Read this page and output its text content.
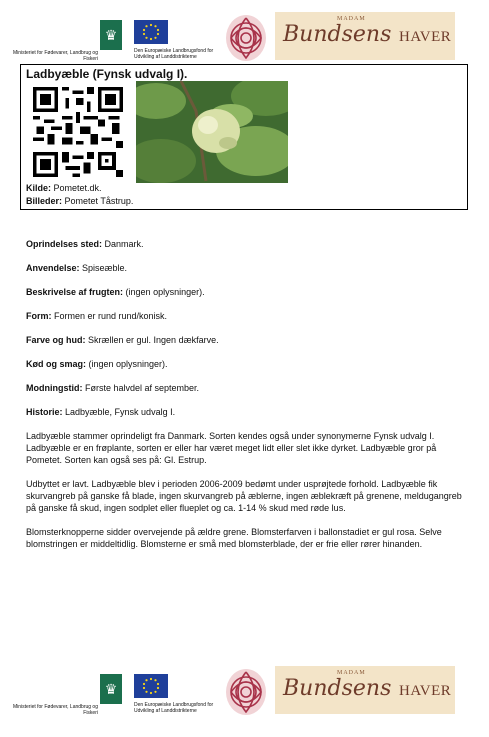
♛
Ministeriet for Fødevarer, Landbrug og Fiskeri
Den Europæiske Landbrugsfond for Udvikling af Landdistrikterne
MADAM
Bundsens HAVER
Ladbyæble (Fynsk udvalg I).
Kilde: Pometet.dk.
Billeder: Pometet Tåstrup.
Oprindelses sted: Danmark.
Anvendelse: Spiseæble.
Beskrivelse af frugten: (ingen oplysninger).
Form: Formen er rund rund/konisk.
Farve og hud: Skrællen er gul. Ingen dækfarve.
Kød og smag: (ingen oplysninger).
Modningstid: Første halvdel af september.
Historie: Ladbyæble, Fynsk udvalg I.

Ladbyæble stammer oprindeligt fra Danmark. Sorten kendes også under synonymerne Fynsk udvalg I. Ladbyæble er en frøplante, sorten er eller har været meget lidt eller slet ikke dyrket. Ladbyæble gror på Pometet. Sorten kan også ses på: Gl. Estrup.

Udbyttet er lavt. Ladbyæble blev i perioden 2006-2009 bedømt under usprøjtede forhold. Ladbyæble fik skurvangreb på ganske få blade, ingen skurvangreb på æblerne, ingen æblekræft på grenene, meldugangreb på ganske få skud, ingen sodplet eller flueplet og ca. 1-14 % skud med røde lus.

Blomsterknopperne sidder overvejende på ældre grene. Blomsterfarven i ballonstadiet er gul rosa. Selve blomstringen er middeltidlig. Blomsterne er små med blomsterblade, der er frie eller rører hinanden.

♛
Ministeriet for Fødevarer, Landbrug og Fiskeri
Den Europæiske Landbrugsfond for Udvikling af Landdistrikterne
MADAM
Bundsens HAVER
